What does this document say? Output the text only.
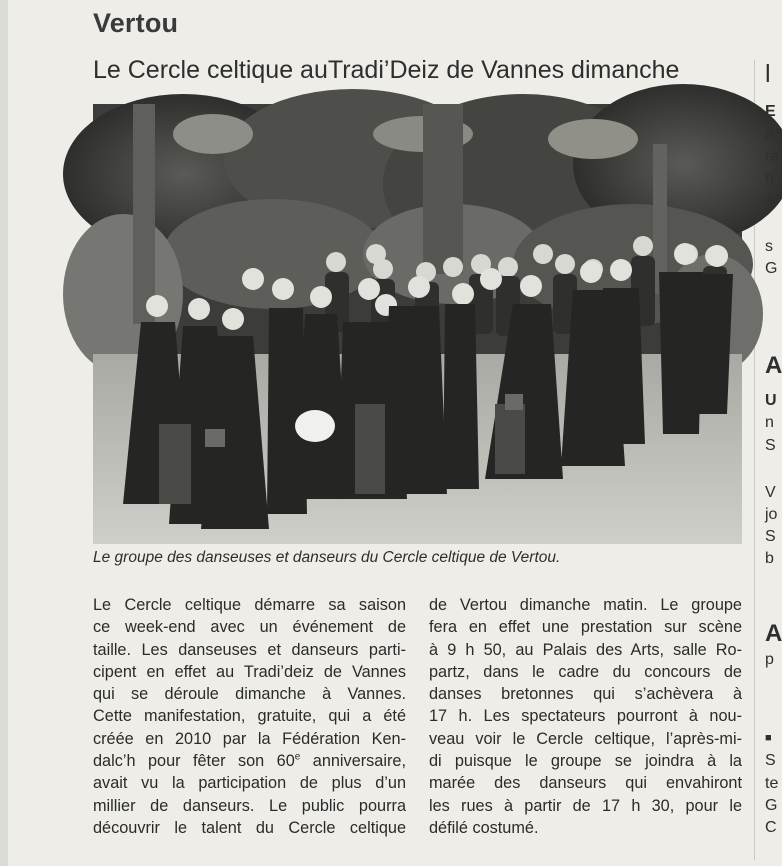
Vertou
Le Cercle celtique auTradi’Deiz de Vannes dimanche
Le groupe des danseuses et danseurs du Cercle celtique de Vertou.

Le Cercle celtique démarre sa saison
ce week-end avec un événement de
taille. Les danseuses et danseurs parti-
cipent en effet au Tradi’deiz de Vannes
qui se déroule dimanche à Vannes.
Cette manifestation, gratuite, qui a été
créée en 2010 par la Fédération Ken-
dalc’h pour fêter son 60e anniversaire,
avait vu la participation de plus d’un
millier de danseurs. Le public pourra
découvrir le talent du Cercle celtique

de Vertou dimanche matin. Le groupe
fera en effet une prestation sur scène
à 9 h 50, au Palais des Arts, salle Ro-
partz, dans le cadre du concours de
danses bretonnes qui s’achèvera à
17 h. Les spectateurs pourront à nou-
veau voir le Cercle celtique, l’après-mi-
di puisque le groupe se joindra à la
marée des danseurs qui envahiront
les rues à partir de 17 h 30, pour le
défilé costumé.

l
E
a
ra
ri
à
s
G
A
U
n
S
V
jo
S
b
A
p
■
S
te
G
C
